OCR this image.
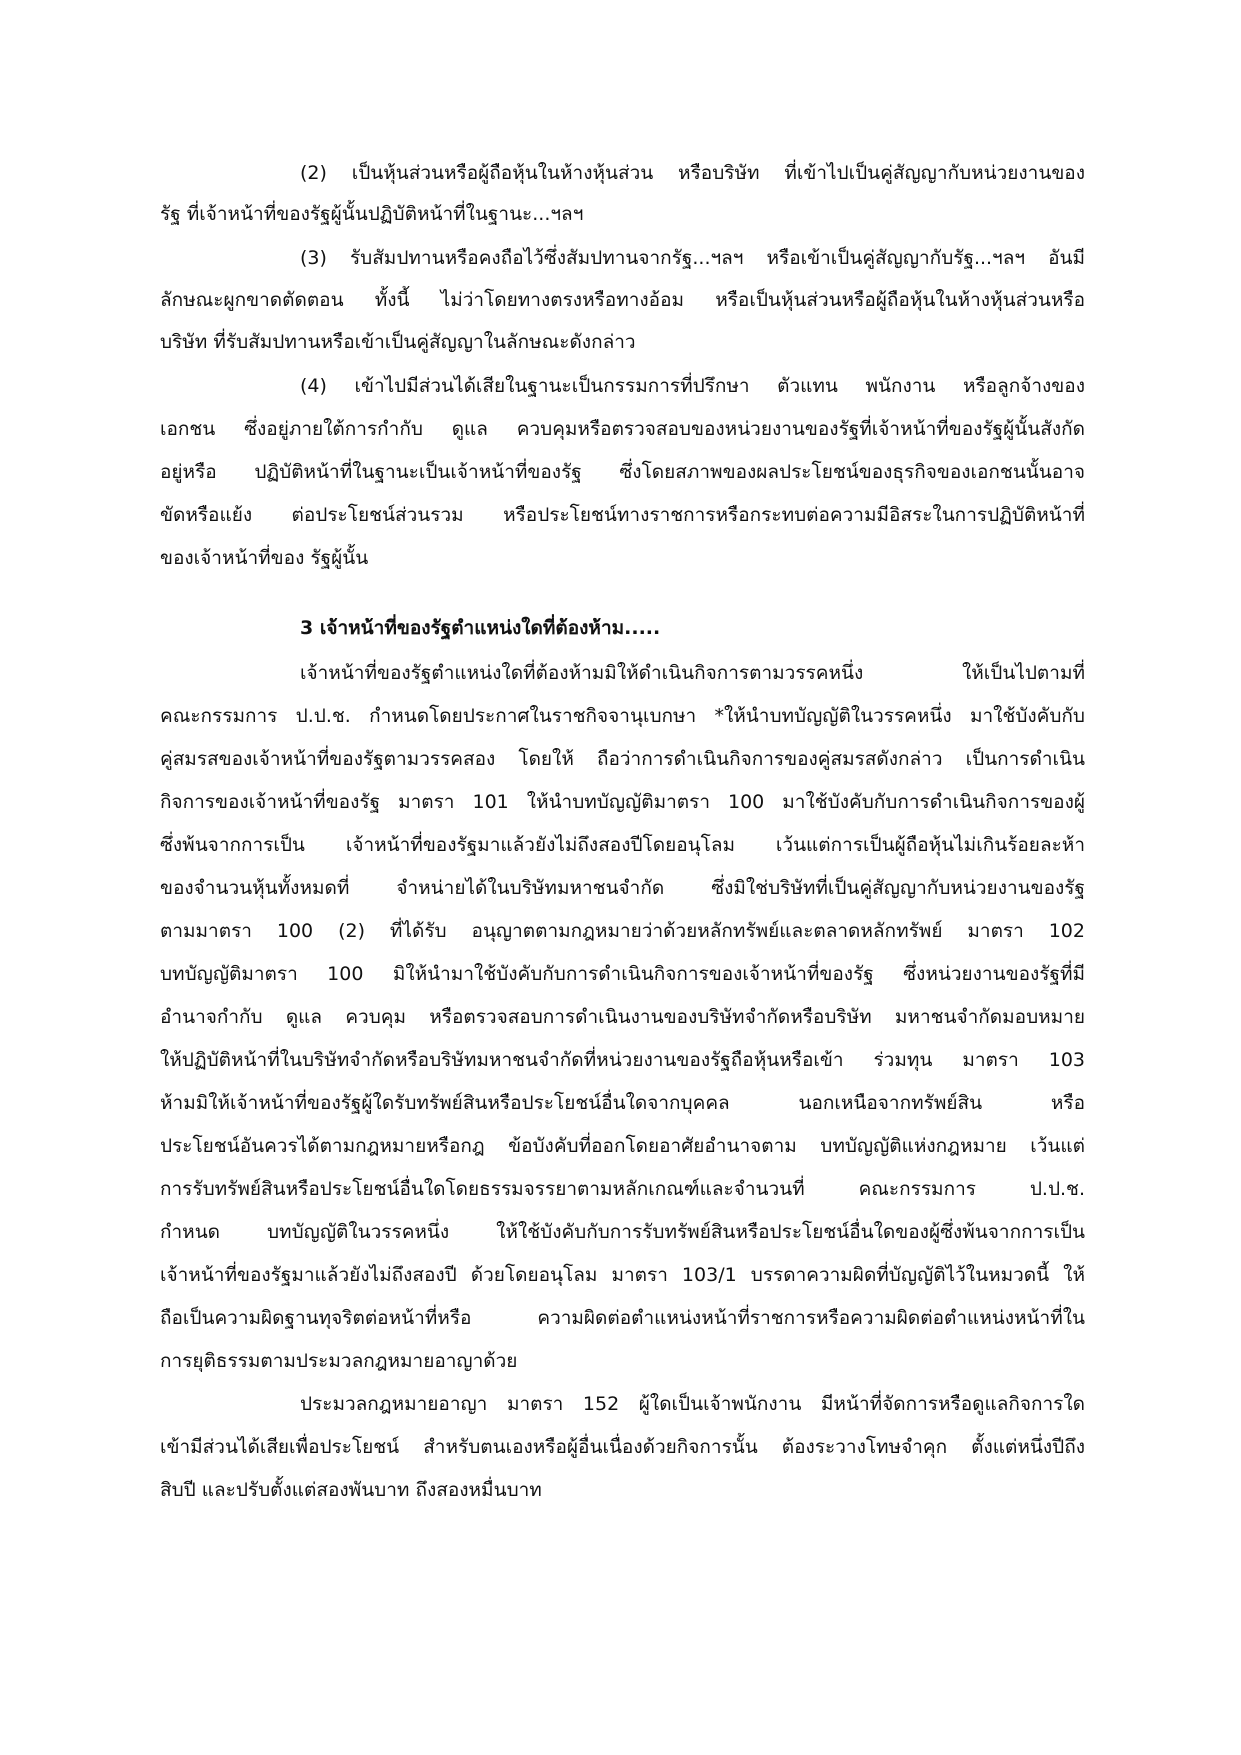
(2) เป็นหุ้นส่วนหรือผู้ถือหุ้นในห้างหุ้นส่วน หรือบริษัท ที่เข้าไปเป็นคู่สัญญากับหน่วยงานของ

รัฐ ที่เจ้าหน้าที่ของรัฐผู้นั้นปฏิบัติหน้าที่ในฐานะ...ฯลฯ

(3) รับสัมปทานหรือคงถือไว้ซึ่งสัมปทานจากรัฐ...ฯลฯ หรือเข้าเป็นคู่สัญญากับรัฐ...ฯลฯ อันมี

ลักษณะผูกขาดตัดตอน ทั้งนี้ ไม่ว่าโดยทางตรงหรือทางอ้อม หรือเป็นหุ้นส่วนหรือผู้ถือหุ้นในห้างหุ้นส่วนหรือ

บริษัท ที่รับสัมปทานหรือเข้าเป็นคู่สัญญาในลักษณะดังกล่าว

(4) เข้าไปมีส่วนได้เสียในฐานะเป็นกรรมการที่ปรึกษา ตัวแทน พนักงาน หรือลูกจ้างของ

เอกชน ซึ่งอยู่ภายใต้การกำกับ ดูแล ควบคุมหรือตรวจสอบของหน่วยงานของรัฐที่เจ้าหน้าที่ของรัฐผู้นั้นสังกัด

อยู่หรือ ปฏิบัติหน้าที่ในฐานะเป็นเจ้าหน้าที่ของรัฐ ซึ่งโดยสภาพของผลประโยชน์ของธุรกิจของเอกชนนั้นอาจ

ขัดหรือแย้ง ต่อประโยชน์ส่วนรวม หรือประโยชน์ทางราชการหรือกระทบต่อความมีอิสระในการปฏิบัติหน้าที่

ของเจ้าหน้าที่ของ รัฐผู้นั้น

3 เจ้าหน้าที่ของรัฐตำแหน่งใดที่ต้องห้าม.....

เจ้าหน้าที่ของรัฐตำแหน่งใดที่ต้องห้ามมิให้ดำเนินกิจการตามวรรคหนึ่ง ให้เป็นไปตามที่

คณะกรรมการ ป.ป.ช. กำหนดโดยประกาศในราชกิจจานุเบกษา *ให้นำบทบัญญัติในวรรคหนึ่ง มาใช้บังคับกับ

คู่สมรสของเจ้าหน้าที่ของรัฐตามวรรคสอง โดยให้ ถือว่าการดำเนินกิจการของคู่สมรสดังกล่าว เป็นการดำเนิน

กิจการของเจ้าหน้าที่ของรัฐ มาตรา 101 ให้นำบทบัญญัติมาตรา 100 มาใช้บังคับกับการดำเนินกิจการของผู้

ซึ่งพ้นจากการเป็น เจ้าหน้าที่ของรัฐมาแล้วยังไม่ถึงสองปีโดยอนุโลม เว้นแต่การเป็นผู้ถือหุ้นไม่เกินร้อยละห้า

ของจำนวนหุ้นทั้งหมดที่ จำหน่ายได้ในบริษัทมหาชนจำกัด ซึ่งมิใช่บริษัทที่เป็นคู่สัญญากับหน่วยงานของรัฐ

ตามมาตรา 100 (2) ที่ได้รับ อนุญาตตามกฎหมายว่าด้วยหลักทรัพย์และตลาดหลักทรัพย์ มาตรา 102

บทบัญญัติมาตรา 100 มิให้นำมาใช้บังคับกับการดำเนินกิจการของเจ้าหน้าที่ของรัฐ ซึ่งหน่วยงานของรัฐที่มี

อำนาจกำกับ ดูแล ควบคุม หรือตรวจสอบการดำเนินงานของบริษัทจำกัดหรือบริษัท มหาชนจำกัดมอบหมาย

ให้ปฏิบัติหน้าที่ในบริษัทจำกัดหรือบริษัทมหาชนจำกัดที่หน่วยงานของรัฐถือหุ้นหรือเข้า ร่วมทุน มาตรา 103

ห้ามมิให้เจ้าหน้าที่ของรัฐผู้ใดรับทรัพย์สินหรือประโยชน์อื่นใดจากบุคคล นอกเหนือจากทรัพย์สิน หรือ

ประโยชน์อันควรได้ตามกฎหมายหรือกฎ ข้อบังคับที่ออกโดยอาศัยอำนาจตาม บทบัญญัติแห่งกฎหมาย เว้นแต่

การรับทรัพย์สินหรือประโยชน์อื่นใดโดยธรรมจรรยาตามหลักเกณฑ์และจำนวนที่ คณะกรรมการ ป.ป.ช.

กำหนด บทบัญญัติในวรรคหนึ่ง ให้ใช้บังคับกับการรับทรัพย์สินหรือประโยชน์อื่นใดของผู้ซึ่งพ้นจากการเป็น

เจ้าหน้าที่ของรัฐมาแล้วยังไม่ถึงสองปี ด้วยโดยอนุโลม มาตรา 103/1 บรรดาความผิดที่บัญญัติไว้ในหมวดนี้ ให้

ถือเป็นความผิดฐานทุจริตต่อหน้าที่หรือ ความผิดต่อตำแหน่งหน้าที่ราชการหรือความผิดต่อตำแหน่งหน้าที่ใน

การยุติธรรมตามประมวลกฎหมายอาญาด้วย

ประมวลกฎหมายอาญา มาตรา 152 ผู้ใดเป็นเจ้าพนักงาน มีหน้าที่จัดการหรือดูแลกิจการใด

เข้ามีส่วนได้เสียเพื่อประโยชน์ สำหรับตนเองหรือผู้อื่นเนื่องด้วยกิจการนั้น ต้องระวางโทษจำคุก ตั้งแต่หนึ่งปีถึง

สิบปี และปรับตั้งแต่สองพันบาท ถึงสองหมื่นบาท
